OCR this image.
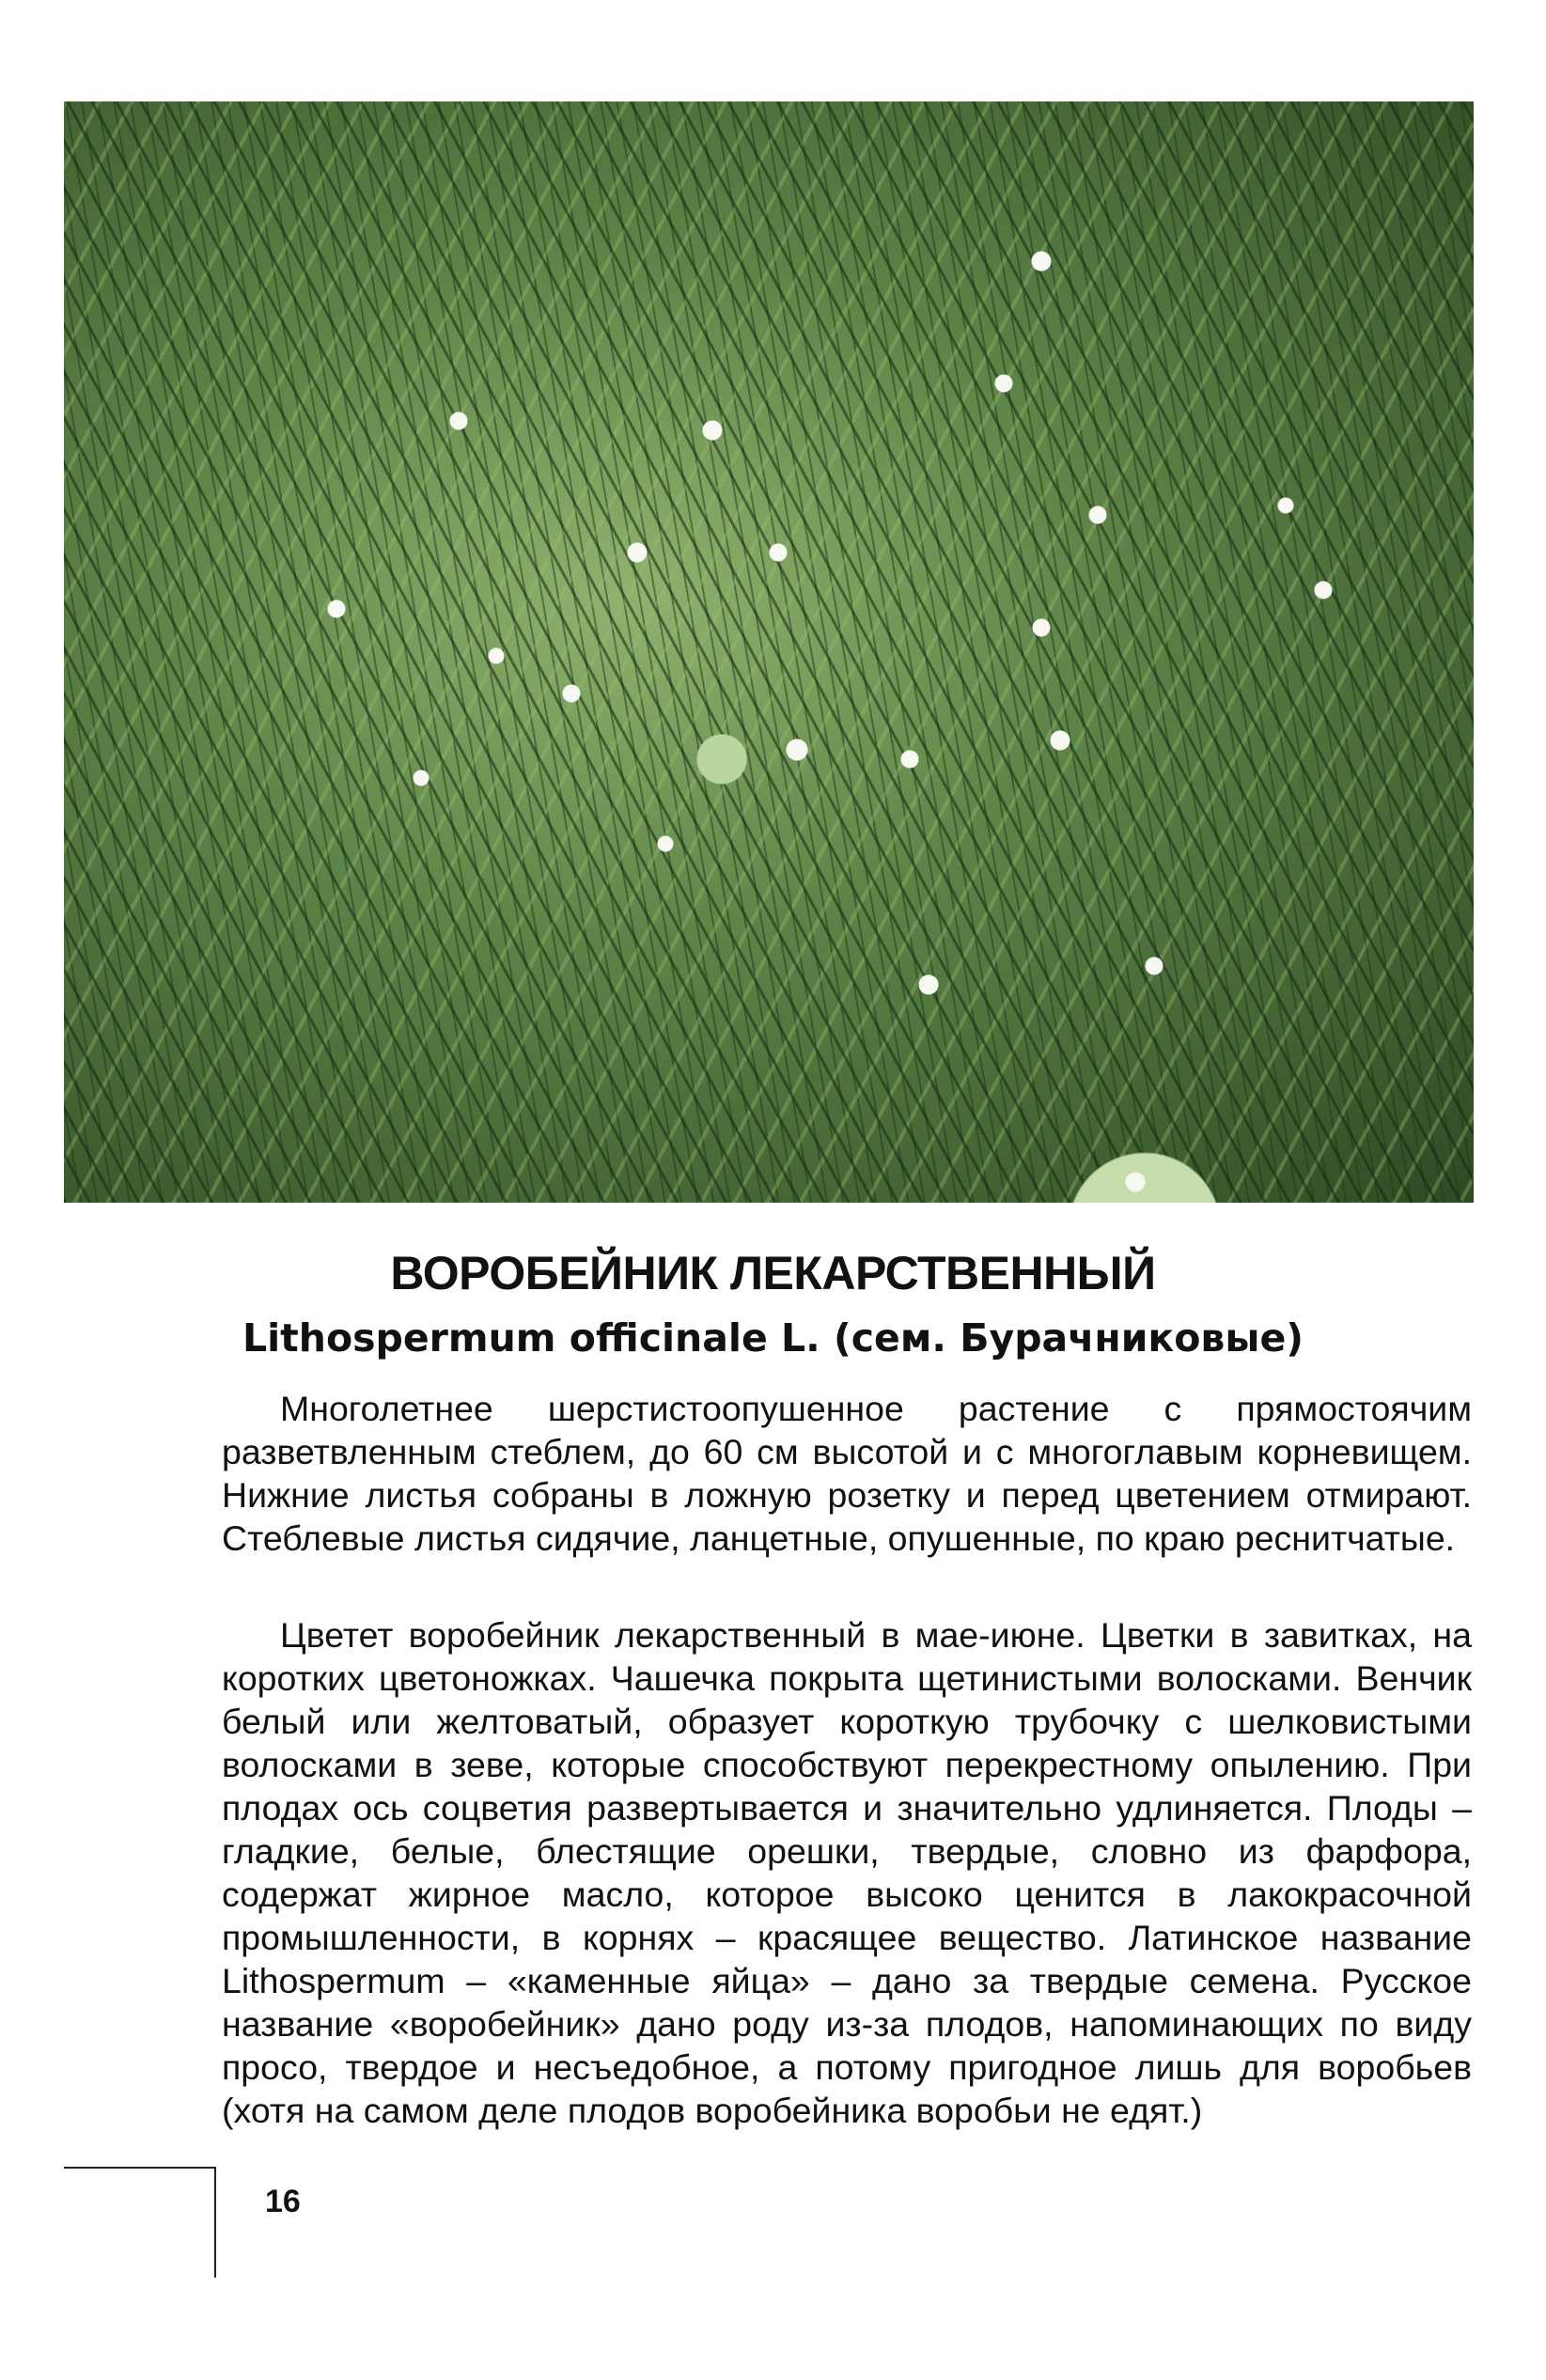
ВОРОБЕЙНИК ЛЕКАРСТВЕННЫЙ
Lithospermum officinale L. (сем. Бурачниковые)

Многолетнее шерстистоопушенное растение с прямостоячим разветвленным стеблем, до 60 см высотой и с многоглавым корневищем. Нижние листья собраны в ложную розетку и перед цветением отмирают. Стеблевые листья сидячие, ланцетные, опушенные, по краю реснитчатые.

Цветет воробейник лекарственный в мае-июне. Цветки в завитках, на коротких цветоножках. Чашечка покрыта щетинистыми волосками. Венчик белый или желтоватый, образует короткую трубочку с шелковистыми волосками в зеве, которые способствуют перекрестному опылению. При плодах ось соцветия развертывается и значительно удлиняется. Плоды – гладкие, белые, блестящие орешки, твердые, словно из фарфора, содержат жирное масло, которое высоко ценится в лакокрасочной промышленности, в корнях – красящее вещество. Латинское название Lithospermum – «каменные яйца» – дано за твердые семена. Русское название «воробейник» дано роду из-за плодов, напоминающих по виду просо, твердое и несъедобное, а потому пригодное лишь для воробьев (хотя на самом деле плодов воробейника воробьи не едят.)

16
